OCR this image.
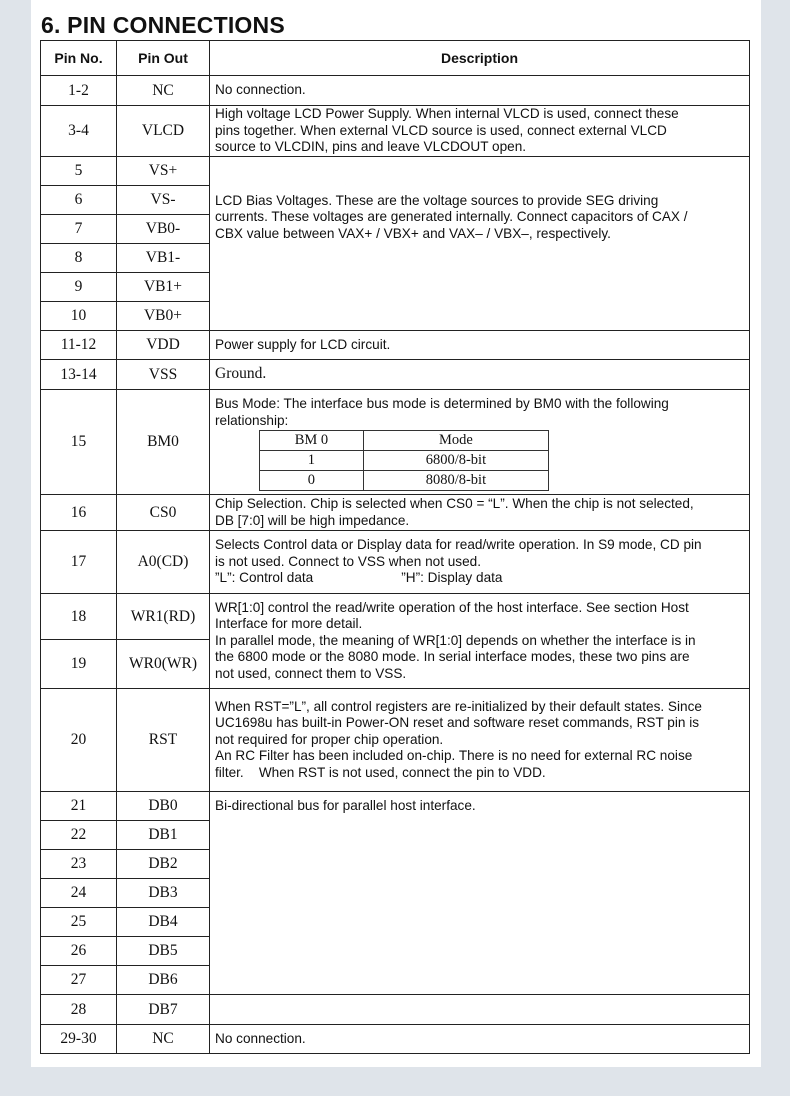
6. PIN CONNECTIONS
Pin No.	Pin Out	Description
1-2	NC	No connection.
3-4	VLCD	
High voltage LCD Power Supply. When internal VLCD is used, connect these
pins together. When external VLCD source is used, connect external VLCD
source to VLCDIN, pins and leave VLCDOUT open.

5	VS+	
LCD Bias Voltages. These are the voltage sources to provide SEG driving
currents. These voltages are generated internally. Connect capacitors of CAX /
CBX value between VAX+ / VBX+ and VAX– / VBX–, respectively.

6	VS-
7	VB0-
8	VB1-
9	VB1+
10	VB0+
11-12	VDD	Power supply for LCD circuit.
13-14	VSS	Ground.
15	BM0	
Bus Mode: The interface bus mode is determined by BM0 with the following
relationship:
BM 0	Mode
1	6800/8-bit
0	8080/8-bit

16	CS0	Chip Selection. Chip is selected when CS0 = “L”. When the chip is not selected,
DB [7:0] will be high impedance.

17	A0(CD)	
Selects Control data or Display data for read/write operation. In S9 mode, CD pin
is not used. Connect to VSS when not used.
”L”: Control data	”H”: Display data

18	WR1(RD)	
WR[1:0] control the read/write operation of the host interface. See section Host
Interface for more detail.
In parallel mode, the meaning of WR[1:0] depends on whether the interface is in
the 6800 mode or the 8080 mode. In serial interface modes, these two pins are
not used, connect them to VSS.

19	WR0(WR)
20	RST	
When RST=”L”, all control registers are re-initialized by their default states. Since
UC1698u has built-in Power-ON reset and software reset commands, RST pin is
not required for proper chip operation.
An RC Filter has been included on-chip. There is no need for external RC noise
filter.    When RST is not used, connect the pin to VDD.

21	DB0	Bi-directional bus for parallel host interface.
22	DB1
23	DB2
24	DB3
25	DB4
26	DB5
27	DB6
28	DB7	
29-30	NC	No connection.
